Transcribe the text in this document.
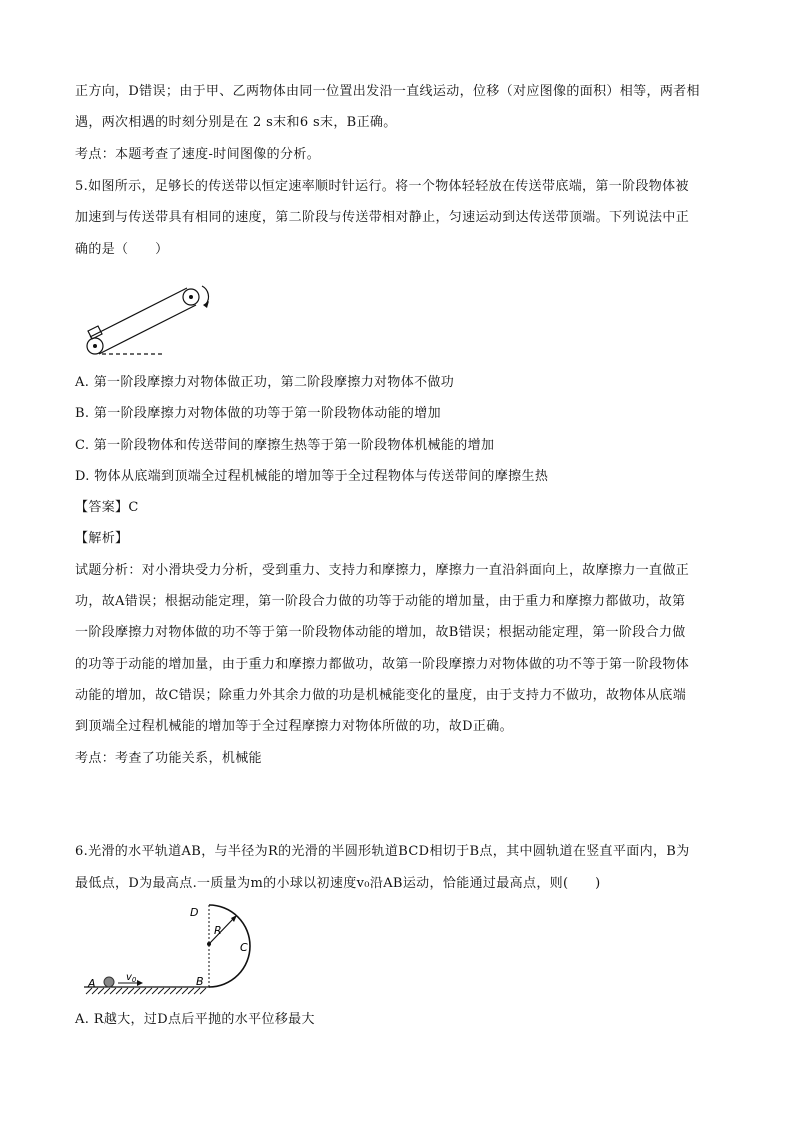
正方向，D错误；由于甲、乙两物体由同一位置出发沿一直线运动，位移（对应图像的面积）相等，两者相
遇，两次相遇的时刻分别是在 2 s末和6 s末，B正确。
考点：本题考查了速度-时间图像的分析。
5.如图所示，足够长的传送带以恒定速率顺时针运行。将一个物体轻轻放在传送带底端，第一阶段物体被
加速到与传送带具有相同的速度，第二阶段与传送带相对静止，匀速运动到达传送带顶端。下列说法中正
确的是（　　）
A. 第一阶段摩擦力对物体做正功，第二阶段摩擦力对物体不做功
B. 第一阶段摩擦力对物体做的功等于第一阶段物体动能的增加
C. 第一阶段物体和传送带间的摩擦生热等于第一阶段物体机械能的增加
D. 物体从底端到顶端全过程机械能的增加等于全过程物体与传送带间的摩擦生热
【答案】C
【解析】
试题分析：对小滑块受力分析，受到重力、支持力和摩擦力，摩擦力一直沿斜面向上，故摩擦力一直做正
功，故A错误；根据动能定理，第一阶段合力做的功等于动能的增加量，由于重力和摩擦力都做功，故第
一阶段摩擦力对物体做的功不等于第一阶段物体动能的增加，故B错误；根据动能定理，第一阶段合力做
的功等于动能的增加量，由于重力和摩擦力都做功，故第一阶段摩擦力对物体做的功不等于第一阶段物体
动能的增加，故C错误；除重力外其余力做的功是机械能变化的量度，由于支持力不做功，故物体从底端
到顶端全过程机械能的增加等于全过程摩擦力对物体所做的功，故D正确。
考点：考查了功能关系，机械能
6.光滑的水平轨道AB，与半径为R的光滑的半圆形轨道BCD相切于B点，其中圆轨道在竖直平面内，B为
最低点，D为最高点.一质量为m的小球以初速度v₀沿AB运动，恰能通过最高点，则(　　)
A	B
C
D
R
$v_0$
A. R越大，过D点后平抛的水平位移最大
